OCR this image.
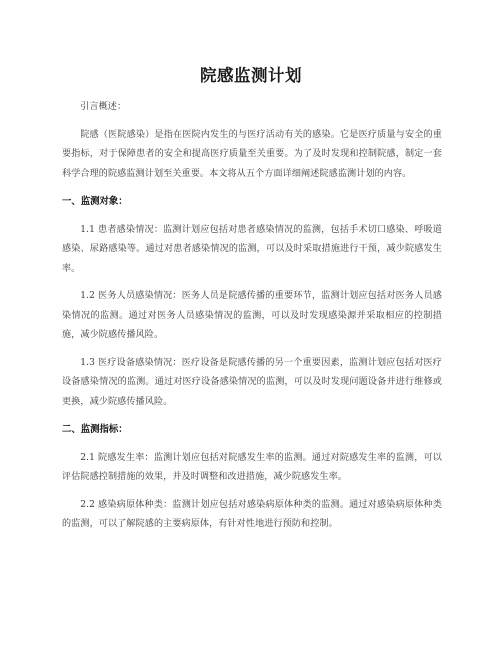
院感监测计划

引言概述：

院感（医院感染）是指在医院内发生的与医疗活动有关的感染。它是医疗质量与安全的重要指标，对于保障患者的安全和提高医疗质量至关重要。为了及时发现和控制院感，制定一套科学合理的院感监测计划至关重要。本文将从五个方面详细阐述院感监测计划的内容。

一、监测对象：

1.1 患者感染情况：监测计划应包括对患者感染情况的监测，包括手术切口感染、呼吸道感染、尿路感染等。通过对患者感染情况的监测，可以及时采取措施进行干预，减少院感发生率。

1.2 医务人员感染情况：医务人员是院感传播的重要环节，监测计划应包括对医务人员感染情况的监测。通过对医务人员感染情况的监测，可以及时发现感染源并采取相应的控制措施，减少院感传播风险。

1.3 医疗设备感染情况：医疗设备是院感传播的另一个重要因素，监测计划应包括对医疗设备感染情况的监测。通过对医疗设备感染情况的监测，可以及时发现问题设备并进行维修或更换，减少院感传播风险。

二、监测指标：

2.1 院感发生率：监测计划应包括对院感发生率的监测。通过对院感发生率的监测，可以评估院感控制措施的效果，并及时调整和改进措施，减少院感发生率。

2.2 感染病原体种类：监测计划应包括对感染病原体种类的监测。通过对感染病原体种类的监测，可以了解院感的主要病原体，有针对性地进行预防和控制。
